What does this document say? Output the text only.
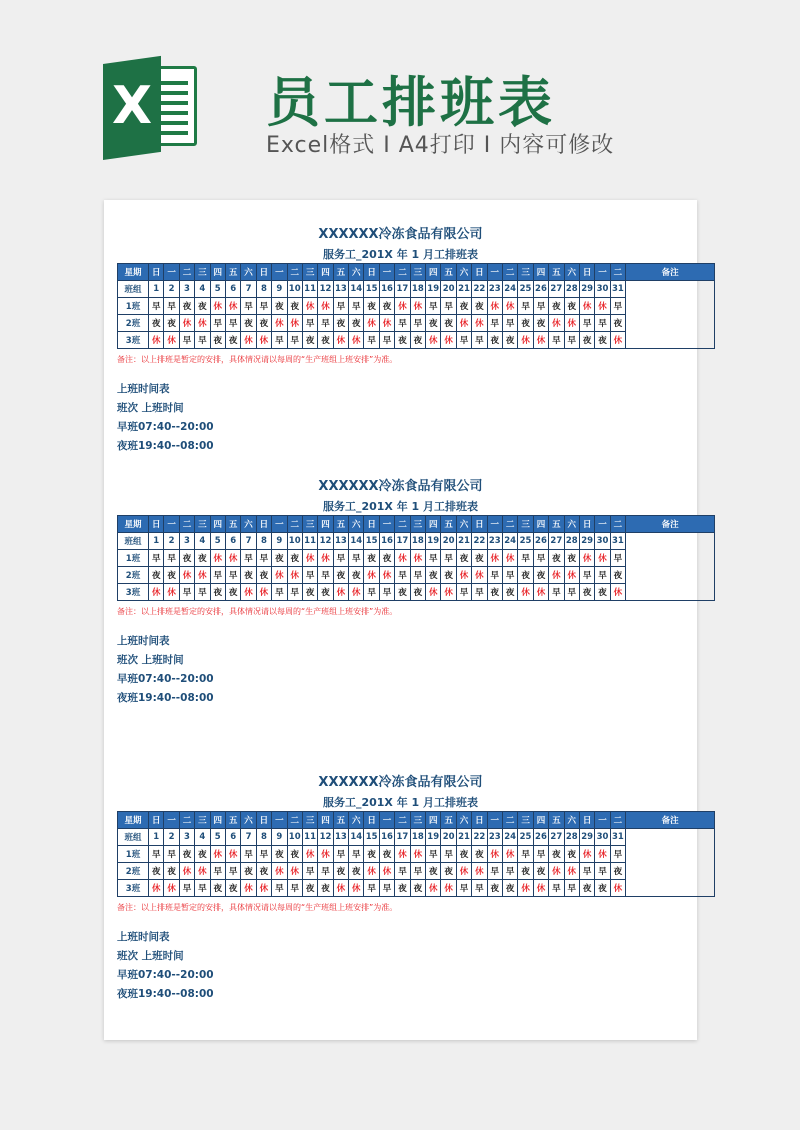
X 员工排班表
Excel格式 I A4打印 I 内容可修改
XXXXXX冷冻食品有限公司
服务工_201X 年 1 月工排班表
星期	日	一	二	三	四	五	六	日	一	二	三	四	五	六	日	一	二	三	四	五	六	日	一	二	三	四	五	六	日	一	二	备注
班组	1	2	3	4	5	6	7	8	9	10	11	12	13	14	15	16	17	18	19	20	21	22	23	24	25	26	27	28	29	30	31	
1班	早	早	夜	夜	休	休	早	早	夜	夜	休	休	早	早	夜	夜	休	休	早	早	夜	夜	休	休	早	早	夜	夜	休	休	早	
2班	夜	夜	休	休	早	早	夜	夜	休	休	早	早	夜	夜	休	休	早	早	夜	夜	休	休	早	早	夜	夜	休	休	早	早	夜	
3班	休	休	早	早	夜	夜	休	休	早	早	夜	夜	休	休	早	早	夜	夜	休	休	早	早	夜	夜	休	休	早	早	夜	夜	休	
备注：以上排班是暂定的安排，具体情况请以每周的“生产班组上班安排”为准。
上班时间表
班次 上班时间
早班07:40--20:00
夜班19:40--08:00
XXXXXX冷冻食品有限公司
服务工_201X 年 1 月工排班表
星期	日	一	二	三	四	五	六	日	一	二	三	四	五	六	日	一	二	三	四	五	六	日	一	二	三	四	五	六	日	一	二	备注
班组	1	2	3	4	5	6	7	8	9	10	11	12	13	14	15	16	17	18	19	20	21	22	23	24	25	26	27	28	29	30	31	
1班	早	早	夜	夜	休	休	早	早	夜	夜	休	休	早	早	夜	夜	休	休	早	早	夜	夜	休	休	早	早	夜	夜	休	休	早	
2班	夜	夜	休	休	早	早	夜	夜	休	休	早	早	夜	夜	休	休	早	早	夜	夜	休	休	早	早	夜	夜	休	休	早	早	夜	
3班	休	休	早	早	夜	夜	休	休	早	早	夜	夜	休	休	早	早	夜	夜	休	休	早	早	夜	夜	休	休	早	早	夜	夜	休	
备注：以上排班是暂定的安排，具体情况请以每周的“生产班组上班安排”为准。
上班时间表
班次 上班时间
早班07:40--20:00
夜班19:40--08:00
XXXXXX冷冻食品有限公司
服务工_201X 年 1 月工排班表
星期	日	一	二	三	四	五	六	日	一	二	三	四	五	六	日	一	二	三	四	五	六	日	一	二	三	四	五	六	日	一	二	备注
班组	1	2	3	4	5	6	7	8	9	10	11	12	13	14	15	16	17	18	19	20	21	22	23	24	25	26	27	28	29	30	31	
1班	早	早	夜	夜	休	休	早	早	夜	夜	休	休	早	早	夜	夜	休	休	早	早	夜	夜	休	休	早	早	夜	夜	休	休	早	
2班	夜	夜	休	休	早	早	夜	夜	休	休	早	早	夜	夜	休	休	早	早	夜	夜	休	休	早	早	夜	夜	休	休	早	早	夜	
3班	休	休	早	早	夜	夜	休	休	早	早	夜	夜	休	休	早	早	夜	夜	休	休	早	早	夜	夜	休	休	早	早	夜	夜	休	
备注：以上排班是暂定的安排，具体情况请以每周的“生产班组上班安排”为准。
上班时间表
班次 上班时间
早班07:40--20:00
夜班19:40--08:00
